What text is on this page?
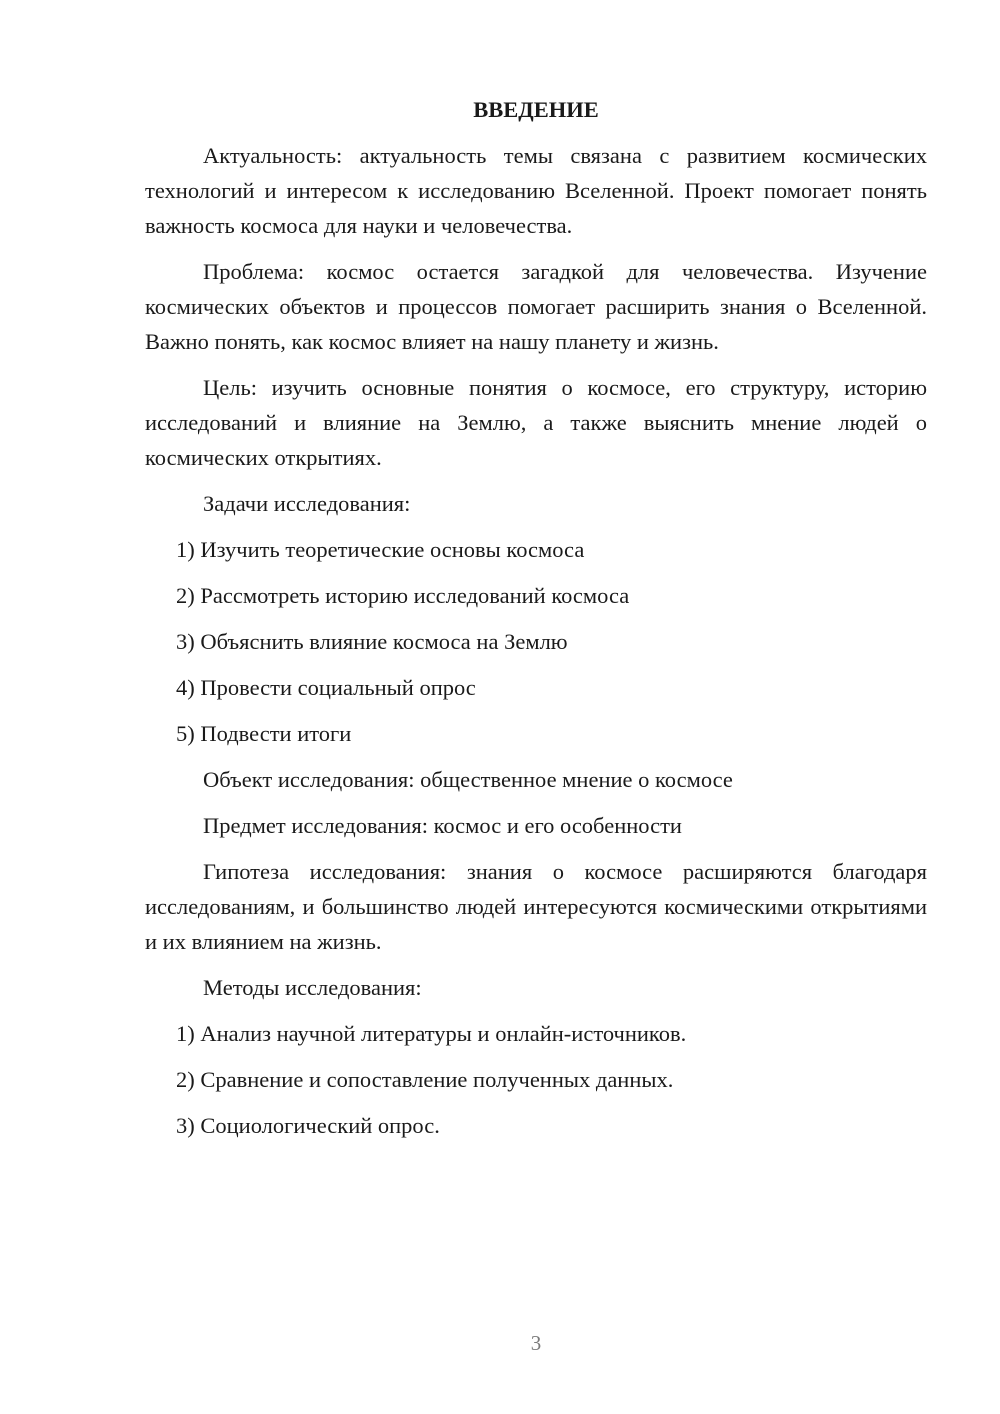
ВВЕДЕНИЕ

Актуальность: актуальность темы связана с развитием космических технологий и интересом к исследованию Вселенной. Проект помогает понять важность космоса для науки и человечества.

Проблема: космос остается загадкой для человечества. Изучение космических объектов и процессов помогает расширить знания о Вселенной. Важно понять, как космос влияет на нашу планету и жизнь.

Цель: изучить основные понятия о космосе, его структуру, историю исследований и влияние на Землю, а также выяснить мнение людей о космических открытиях.

Задачи исследования:
1) Изучить теоретические основы космоса
2) Рассмотреть историю исследований космоса
3) Объяснить влияние космоса на Землю
4) Провести социальный опрос
5) Подвести итоги
Объект исследования: общественное мнение о космосе
Предмет исследования: космос и его особенности

Гипотеза исследования: знания о космосе расширяются благодаря исследованиям, и большинство людей интересуются космическими открытиями и их влиянием на жизнь.

Методы исследования:
1) Анализ научной литературы и онлайн-источников.
2) Сравнение и сопоставление полученных данных.
3) Социологический опрос.
3
